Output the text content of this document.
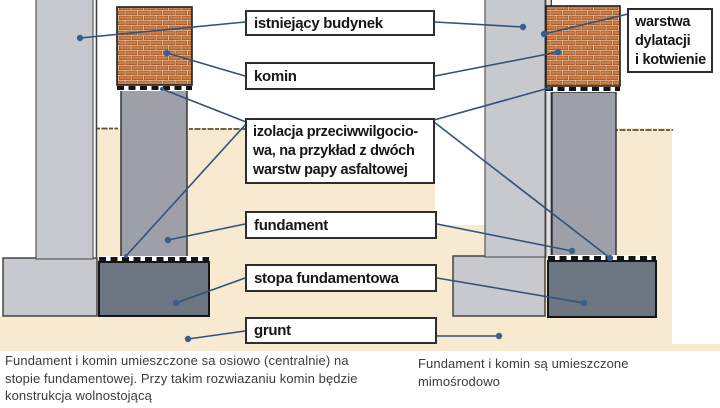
istniejący budynek
komin
izolacja przeciwwilgocio-
wa, na przykład z dwóch
warstw papy asfaltowej
fundament
stopa fundamentowa
grunt
warstwa
dylatacji
i kotwienie
Fundament i komin umieszczone sa osiowo (centralnie) na
stopie fundamentowej. Przy takim rozwiazaniu komin będzie
konstrukcja wolnostojącą
Fundament i komin są umieszczone
mimośrodowo
